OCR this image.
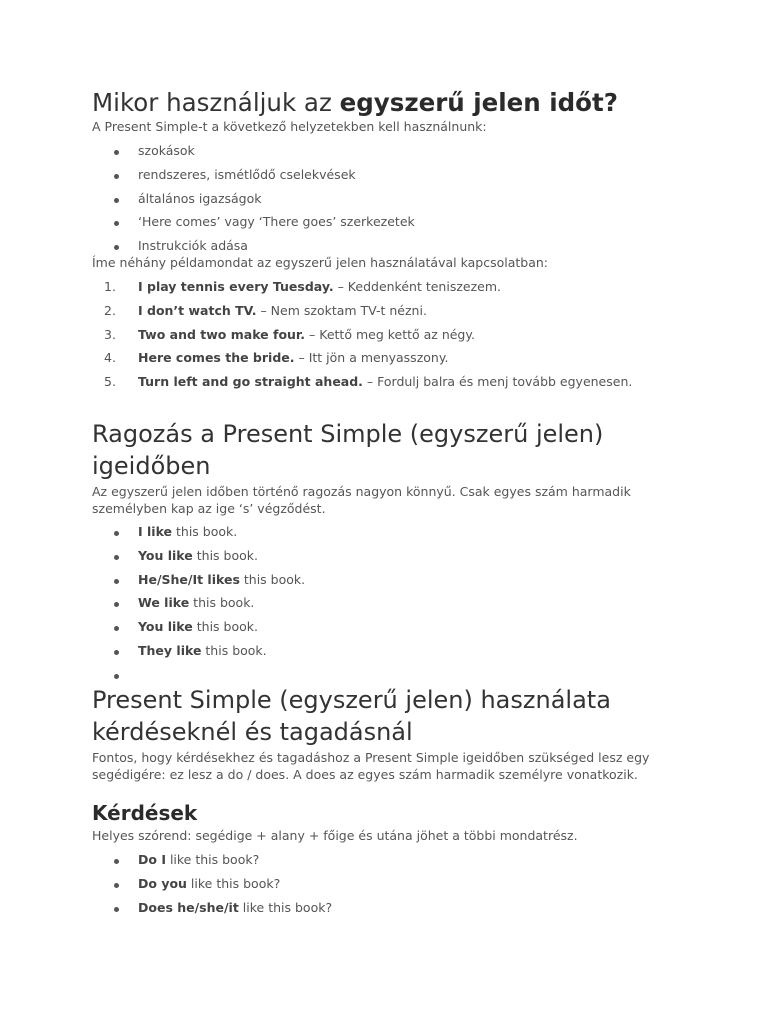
Mikor használjuk az egyszerű jelen időt?

A Present Simple-t a következő helyzetekben kell használnunk:

szokások
rendszeres, ismétlődő cselekvések
általános igazságok
‘Here comes’ vagy ‘There goes’ szerkezetek
Instrukciók adása

Íme néhány példamondat az egyszerű jelen használatával kapcsolatban:

1.	I play tennis every Tuesday. – Keddenként teniszezem.
2.	I don’t watch TV. – Nem szoktam TV-t nézni.
3.	Two and two make four. – Kettő meg kettő az négy.
4.	Here comes the bride. – Itt jön a menyasszony.
5.	Turn left and go straight ahead. – Fordulj balra és menj tovább egyenesen.
Ragozás a Present Simple (egyszerű jelen) igeidőben

Az egyszerű jelen időben történő ragozás nagyon könnyű. Csak egyes szám harmadik személyben kap az ige ‘s’ végződést.

I like this book.
You like this book.
He/She/It likes this book.
We like this book.
You like this book.
They like this book.
Present Simple (egyszerű jelen) használata kérdéseknél és tagadásnál

Fontos, hogy kérdésekhez és tagadáshoz a Present Simple igeidőben szükséged lesz egy segédigére: ez lesz a do / does. A does az egyes szám harmadik személyre vonatkozik.

Kérdések

Helyes szórend: segédige + alany + főige és utána jöhet a többi mondatrész.

Do I like this book?
Do you like this book?
Does he/she/it like this book?
